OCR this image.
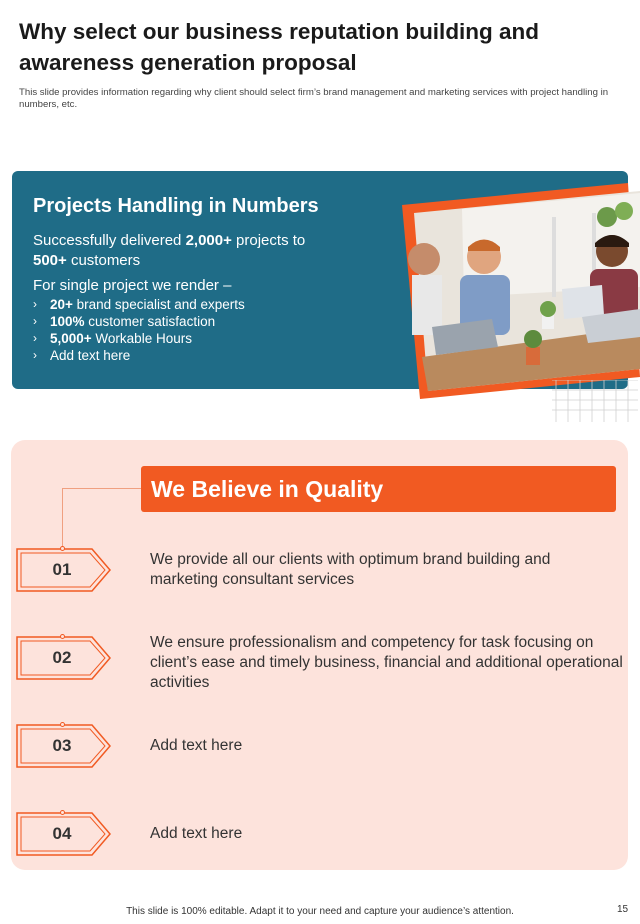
Why select our business reputation building and awareness generation proposal
This slide provides information regarding why client should select firm’s brand management and marketing services with project handling in numbers, etc.
Projects Handling in Numbers
Successfully delivered 2,000+ projects to
500+ customers
For single project we render –
› 20+ brand specialist and experts
› 100% customer satisfaction
› 5,000+ Workable Hours
› Add text here
We Believe in Quality
01
We provide all our clients with optimum brand building and marketing consultant services
02
We ensure professionalism and competency for task focusing on client’s ease and timely business, financial and additional operational activities
03	Add text here
04	Add text here
This slide is 100% editable. Adapt it to your need and capture your audience’s attention.	15
